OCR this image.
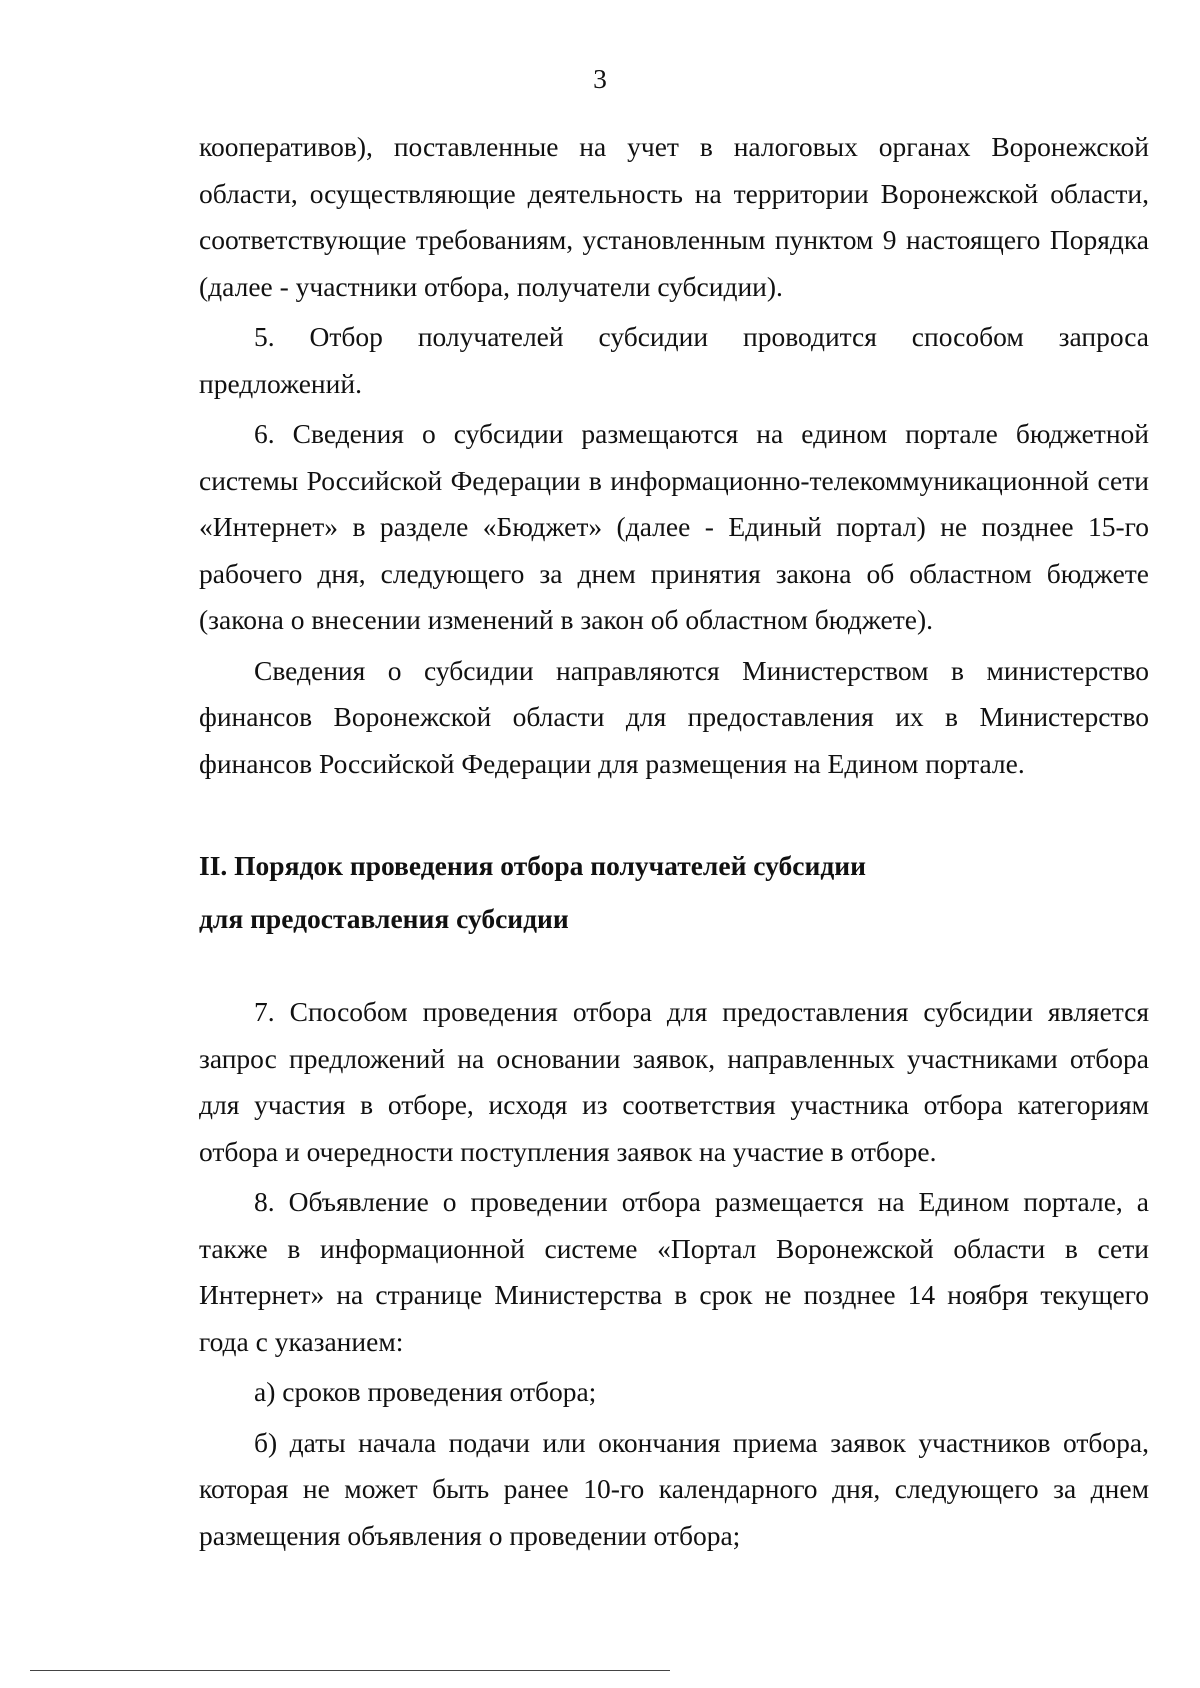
3

кооперативов), поставленные на учет в налоговых органах Воронежской области, осуществляющие деятельность на территории Воронежской области, соответствующие требованиям, установленным пунктом 9 настоящего Порядка (далее - участники отбора, получатели субсидии).

5. Отбор получателей субсидии проводится способом запроса предложений.

6. Сведения о субсидии размещаются на едином портале бюджетной системы Российской Федерации в информационно-телекоммуникационной сети «Интернет» в разделе «Бюджет» (далее - Единый портал) не позднее 15-го рабочего дня, следующего за днем принятия закона об областном бюджете (закона о внесении изменений в закон об областном бюджете).

Сведения о субсидии направляются Министерством в министерство финансов Воронежской области для предоставления их в Министерство финансов Российской Федерации для размещения на Едином портале.

II. Порядок проведения отбора получателей субсидии

для предоставления субсидии

7. Способом проведения отбора для предоставления субсидии является запрос предложений на основании заявок, направленных участниками отбора для участия в отборе, исходя из соответствия участника отбора категориям отбора и очередности поступления заявок на участие в отборе.

8. Объявление о проведении отбора размещается на Едином портале, а также в информационной системе «Портал Воронежской области в сети Интернет» на странице Министерства в срок не позднее 14 ноября текущего года с указанием:

а) сроков проведения отбора;

б) даты начала подачи или окончания приема заявок участников отбора, которая не может быть ранее 10-го календарного дня, следующего за днем размещения объявления о проведении отбора;
